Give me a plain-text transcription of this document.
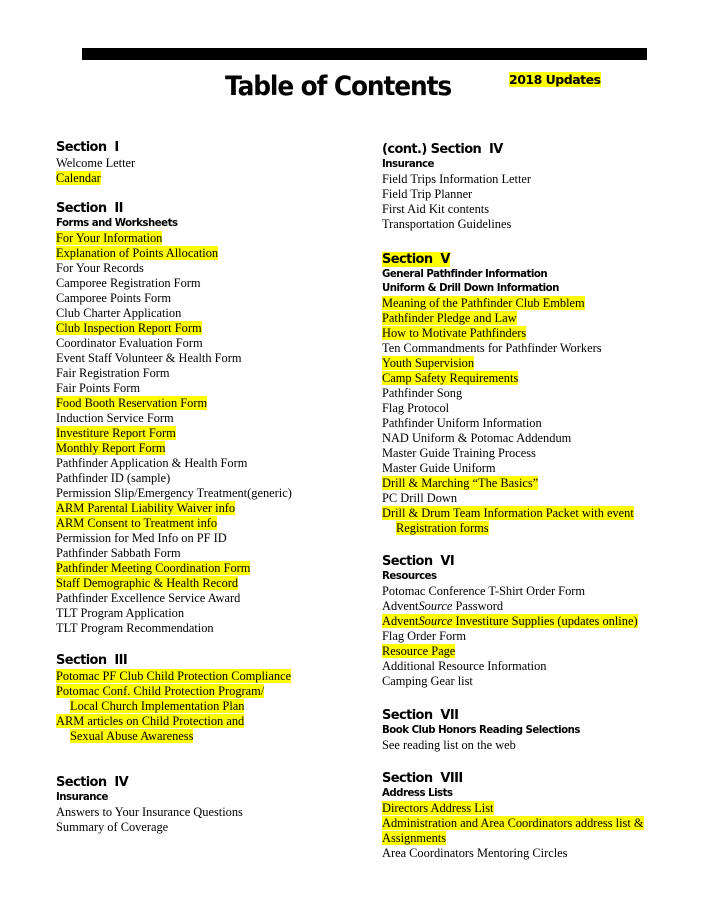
Table of Contents	2018 Updates
Section  I
Welcome Letter
Calendar
Section  II
Forms and Worksheets
For Your Information
Explanation of Points Allocation
For Your Records
Camporee Registration Form
Camporee Points Form
Club Charter Application
Club Inspection Report Form
Coordinator Evaluation Form
Event Staff Volunteer & Health Form
Fair Registration Form
Fair Points Form
Food Booth Reservation Form
Induction Service Form
Investiture Report Form
Monthly Report Form
Pathfinder Application & Health Form
Pathfinder ID (sample)
Permission Slip/Emergency Treatment(generic)
ARM Parental Liability Waiver info
ARM Consent to Treatment info
Permission for Med Info on PF ID
Pathfinder Sabbath Form
Pathfinder Meeting Coordination Form
Staff Demographic & Health Record
Pathfinder Excellence Service Award
TLT Program Application
TLT Program Recommendation
Section  III
Potomac PF Club Child Protection Compliance
Potomac Conf. Child Protection Program/
Local Church Implementation Plan
ARM articles on Child Protection and
Sexual Abuse Awareness
Section  IV
Insurance
Answers to Your Insurance Questions
Summary of Coverage
(cont.) Section  IV
Insurance
Field Trips Information Letter
Field Trip Planner
First Aid Kit contents
Transportation Guidelines
Section  V
General Pathfinder Information
Uniform & Drill Down Information
Meaning of the Pathfinder Club Emblem
Pathfinder Pledge and Law
How to Motivate Pathfinders
Ten Commandments for Pathfinder Workers
Youth Supervision
Camp Safety Requirements
Pathfinder Song
Flag Protocol
Pathfinder Uniform Information
NAD Uniform & Potomac Addendum
Master Guide Training Process
Master Guide Uniform
Drill & Marching “The Basics”
PC Drill Down
Drill & Drum Team Information Packet with event
Registration forms
Section  VI
Resources
Potomac Conference T-Shirt Order Form
AdventSource Password
AdventSource Investiture Supplies (updates online)
Flag Order Form
Resource Page
Additional Resource Information
Camping Gear list
Section  VII
Book Club Honors Reading Selections
See reading list on the web
Section  VIII
Address Lists
Directors Address List
Administration and Area Coordinators address list &
Assignments
Area Coordinators Mentoring Circles
